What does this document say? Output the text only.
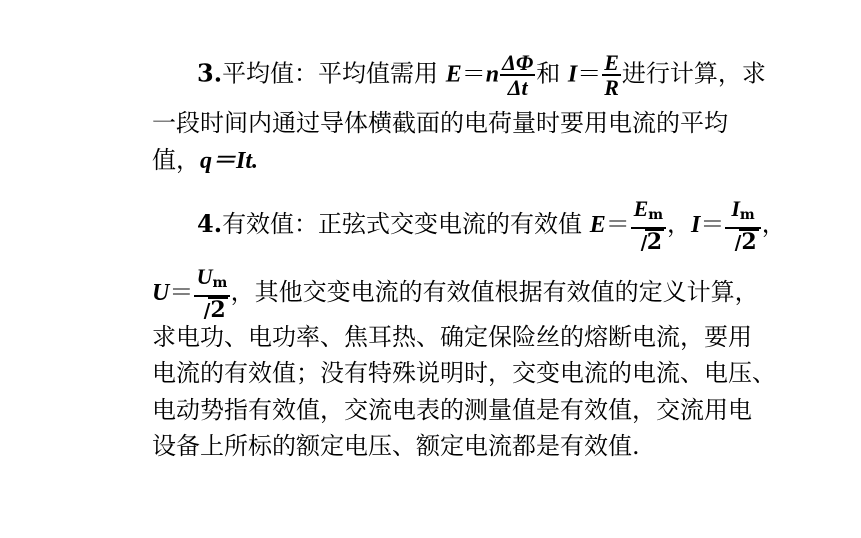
3.平均值：平均值需用 $E=n \frac{\Delta\Phi}{\Delta t}$ 和 $I= \frac{E}{R}$ 进行计算，求
一段时间内通过导体横截面的电荷量时要用电流的平均
值，q＝It.
4.有效值：正弦式交变电流的有效值 $E= \frac{E_m}{2}$ ，$I= \frac{I_m}{2}$ ，
$U= \frac{U_m}{2}$ ，其他交变电流的有效值根据有效值的定义计算，
求电功、电功率、焦耳热、确定保险丝的熔断电流，要用
电流的有效值；没有特殊说明时，交变电流的电流、电压、
电动势指有效值，交流电表的测量值是有效值，交流用电
设备上所标的额定电压、额定电流都是有效值.
